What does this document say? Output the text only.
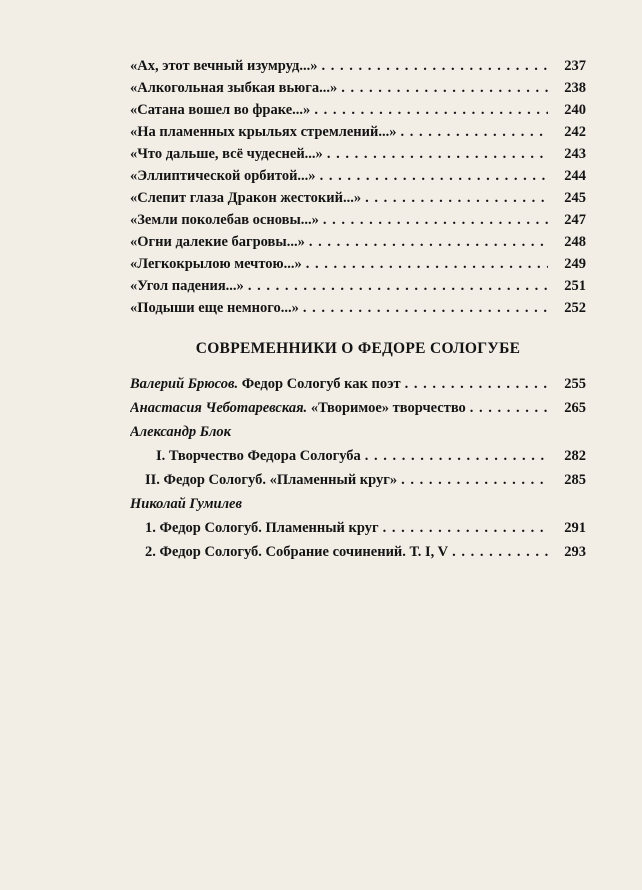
«Ах, этот вечный изумруд...» . . .	237
«Алкогольная зыбкая вьюга...» . . .	238
«Сатана вошел во фраке...» . . .	240
«На пламенных крыльях стремлений...» . . .	242
«Что дальше, всё чудесней...» . . .	243
«Эллиптической орбитой...» . . .	244
«Слепит глаза Дракон жестокий...» . . .	245
«Земли поколебав основы...» . . .	247
«Огни далекие багровы...» . . .	248
«Легкокрылою мечтою...» . . .	249
«Угол падения...» . . .	251
«Подыши еще немного...» . . .	252
СОВРЕМЕННИКИ О ФЕДОРЕ СОЛОГУБЕ
Валерий Брюсов. Федор Сологуб как поэт . . .	255
Анастасия Чеботаревская. «Творимое» творчество . . .	265
Александр Блок
I. Творчество Федора Сологуба . . .	282
II. Федор Сологуб. «Пламенный круг» . . .	285
Николай Гумилев
1. Федор Сологуб. Пламенный круг . . .	291
2. Федор Сологуб. Собрание сочинений. Т. I, V . . .	293
